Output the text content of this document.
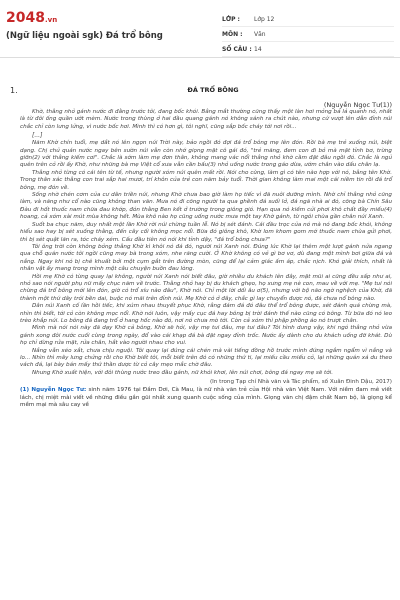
2048.vn
(Ngữ liệu ngoài sgk) Đá trổ bông
LỚP :	Lớp 12
MÔN :	Văn
SỐ CÂU : 14
1.	ĐÁ TRỔ BÔNG
(Nguyễn Ngọc Tư(1))
Khờ, thằng nhỏ gánh nước đi đằng trước tôi, đang bốc khói. Bằng mắt thường cũng thấy một làn hơi mỏng bả lả quanh nó, nhất là từ đôi ống quần ướt mèm. Nước trong thùng ở hai đầu quang gánh nó không sánh ra chút nào, nhưng cứ vượt lên dẫn đỉnh núi chắc chỉ còn lưng lửng, vì nước bốc hơi. Mình thì có hơn gì, tôi nghĩ, cũng sắp bốc cháy tới nơi rồi...
[...]
Năm Khờ chín tuổi, mẹ dắt nó lên ngọn núi Trời này, bảo ngồi đó đợi đá trổ bông mẹ lên đón. Rồi bà mẹ trẻ xuống núi, biệt dạng. Chị chủ quán nước ngay bên sườn núi vẫn còn nhớ giọng mặt cô gái đó, "trẻ măng, đem con đi bỏ mà mặt tỉnh bơ, trừng giỡn(2) với thằng kiếm cơi". Chắc là sớm làm mẹ đơn thân, không mang vác nổi thằng nhỏ khờ cầm đặt đâu ngồi đó. Chắc là ngủ quên trên cỏ rồi ấy Khờ, như những bà mẹ Việt cổ xưa vẫn cần bấu(3) nhỏ uống nước trong gáo dừa, ướm chân vào dấu chân lạ.
Thằng nhỏ từng có cái tên từ tế, nhưng người xóm núi quên mất rồi. Nói cho cùng, làm gì có tên nào hợp với nó, bằng tên Khờ. Trong thân xác thằng con trai sắp hai mươi, trí khôn của trẻ con năm bảy tuổi. Thời gian không làm mai một cái niềm tin rồi đá trổ bông, mẹ đón về.
Sống nhờ chén cơm của cư dân triền núi, nhưng Khờ chưa bao giờ làm họ tiếc vì đã nuôi dưỡng mình. Nhờ chỉ thằng nhỏ cũng làm, và năng như cổ nào cũng không than vãn. Mưa nó đi cõng người ta qua ghềnh đá suối lở, đá ngã nhà ai đó, cõng bà Chín Sâu Đàu đi hốt thuốc nam chữa đau khớp, đón thằng Ben kết ở trường trong giông gió. Hạn qua nó kiếm củi phơi khô chất đầy miếu(4) hoang, cả xóm xài mút mùa không hết. Mùa khô nào họ cũng uống nước mưa một tay Khờ gánh, từ ngôi chùa gần chân núi Xanh.
Suốt ba chục năm, duy nhất một lần Khờ rời núi chừng tuần lễ. Nó bị sét đánh. Cái đầu trọc của nó mà nó đang bốc khói, không hiểu sao hay bị sét xuống thằng, đến cây cối không mọc nổi. Bữa đó giông khô, Khờ lom khom gom mớ thuốc nam chùa gửi phơi, thì bị sét quật lăn ra, tóc cháy xém. Cấu đầu tiên nó nói khi tỉnh dậy, "đá trổ bông chưa?"
Tôi ông trời còn không bỏng thằng Khờ kì khôi nó đá đó, người núi Xanh nói. Đúng lúc Khờ lại thêm một lượt gánh nửa ngang qua chỗ quán nước tôi ngồi cũng may bà trong xóm, nhe răng cười. Ở Khờ không có vẻ gì bơ vơ, dù đang một mình bơi giữa đá và nắng. Ngay khi nó bị chê khuất bởi một cụm gắt trên đường mòn, cũng để lại cảm giác ấm áp, chắc nịch. Khó giải thích, nhất là nhân vật ấy mang trong mình một câu chuyện buồn đau lòng.
Hồi mẹ Khờ có từng quay lại không, người núi Xanh nói biết đâu, giờ nhiều du khách lên đây, mặt mũi ai cũng đều sấp như ai, nhỏ sao nói người phụ nữ mấy chục năm về trước. Thằng nhỏ hay bị du khách ghẹo, họ xưng mẹ nè con, mau về với mẹ. "Mẹ tui nói chừng đá trổ bông mới lên đón, giờ có trổ xíu nào đâu", Khờ nói. Chỉ một lời dối âu ơ(5), nhưng với bộ não ngờ nghệch của Khờ, đã thành một thứ dây trói bền dai, buộc nó mãi trên đỉnh núi. Mẹ Khờ có ở đây, chắc gì lay chuyển được nó, đá chưa nổ bông nào.
Dân núi Xanh cố lần hồi tiếc, khi xúm nhau thuyết phục Khờ, rằng đám đá đó đâu thể trổ bông được, sét đánh quá chừng mà, nhìn thì biết, tới cỏ còn không mọc nổi. Khờ nói luôn, vậy mấy cục đá hay bông bị trời đánh thế nào cũng có bông. Từ bữa đó nó leo trèo khắp núi. Lo bông đá đang trổ ở hang hốc nào đó, nơi nó chưa mò tới. Còn cả xóm thì phập phồng áo nó trượt chân.
Mình mà nói nói này đã dạy Khờ cả bông, Khờ sẽ hỏi, vậy mẹ tui đâu, mẹ tui đâu? Tôi hình dung vậy, khi ngó thằng nhỏ vừa gánh xong đôi nước cuối cùng trong ngày, đổ vào cái khạp đá bà đặt ngay đỉnh trốc. Nước ấy dành cho du khách uống đỡ khát. Dù họ chỉ dừng rửa mặt, rửa chân, hắt vào người nhau cho vui.
Nắng vẫn xéo xắt, chưa chịu nguội. Tôi quay lại đúng cái chén mà vài tiếng đồng hồ trước mình đứng ngắm ngẩm vì nắng và lo... Nhìn thì mây lưng chửng rồi cho Khờ biết tôi, mỗi biết trên đó có những thứ ti, lại miếu cầu miếu cỏ, lại những quán xá du theo vách đá, lại bày bán mấy thứ thần dược từ cỏ cây mẹo mắc chờ đâu.
Nhưng Khờ xuất hiện, với đôi thùng nước treo đầu gánh, nữ khói khơi, lên núi chơi, bông đá ngay mẹ sẽ tới.
(In trong Tạp chí Nhà văn và Tác phẩm, số Xuân Đinh Dậu, 2017)
(1) Nguyễn Ngọc Tư: sinh năm 1976 tại Đầm Dơi, Cà Mau, là nữ nhà văn trẻ của Hội nhà văn Việt Nam. Với niềm đam mê viết lách, chị miệt mài viết về những điều gần gũi nhất xung quanh cuộc sống của mình. Giọng văn chị đậm chất Nam bộ, là giọng kể mềm mại mà sâu cay về
